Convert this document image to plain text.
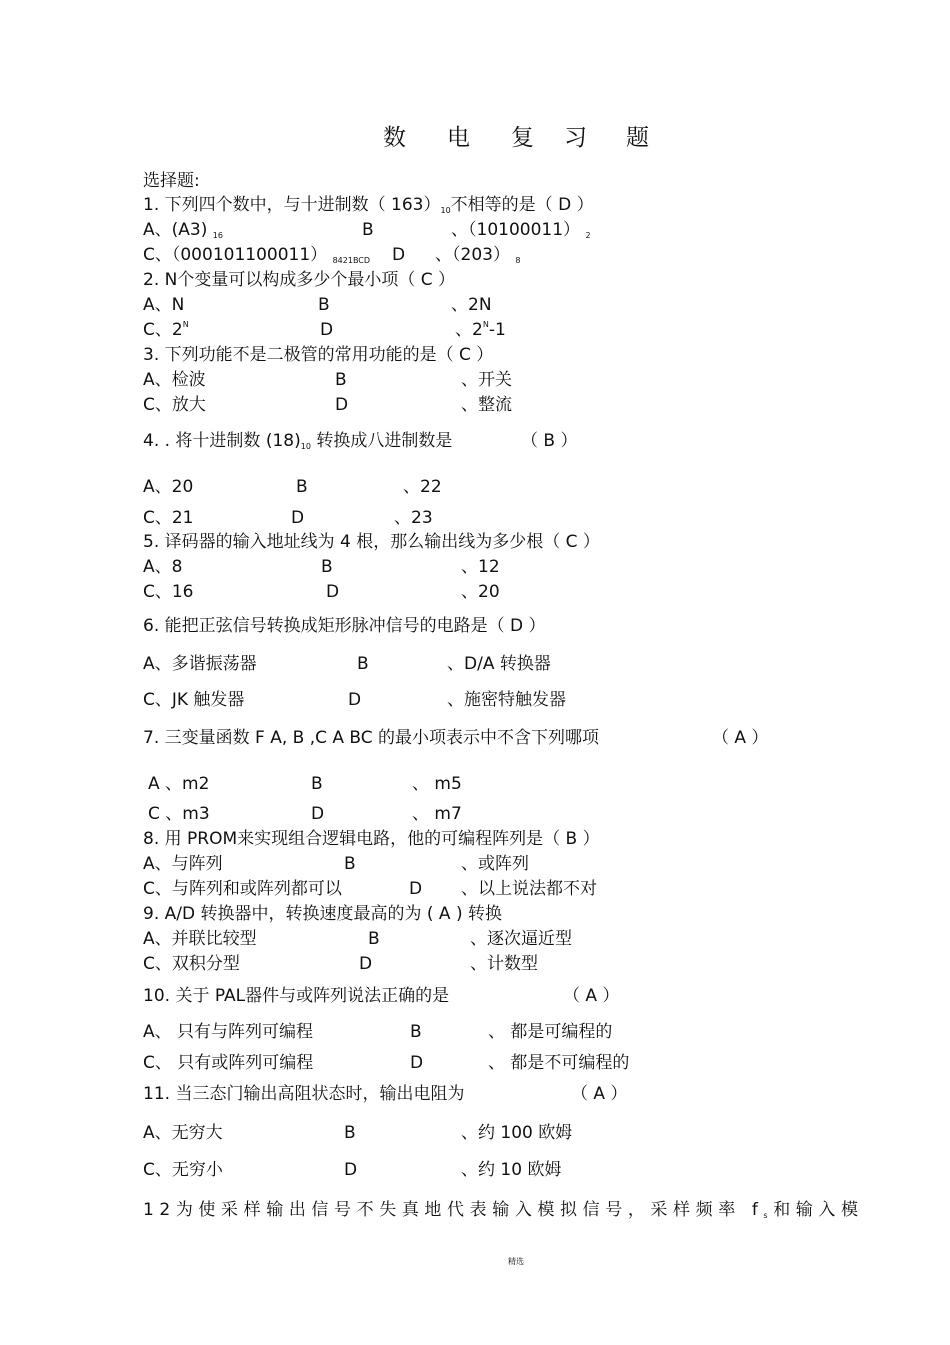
数 电 复 习 题
选择题:
1. 下列四个数中，与十进制数（ $163)_{10}$不相等的是（ D ）
A、(A3) $_{16}$	B	、（10100011） $_2$
C、（000101100011） $_{8421BCD}$ D 、（203） $_8$
2. N个变量可以构成多少个最小项（ C ）
A、N	B	、2N
C、$2^N$	D	、$2^N-1$
3. 下列功能不是二极管的常用功能的是（ C ）
A、检波	B	、开关
C、放大	D	、整流
4. . 将十进制数 $(18)_{10}$ 转换成八进制数是	（ B ）
A、20	B	、22
C、21	D	、23
5. 译码器的输入地址线为 4 根，那么输出线为多少根（ C ）
A、8	B	、12
C、16	D	、20
6. 能把正弦信号转换成矩形脉冲信号的电路是（ D ）
A、多谐振荡器	B	、D/A 转换器
C、JK 触发器	D	、施密特触发器
7. 三变量函数 F A, B ,C A BC 的最小项表示中不含下列哪项	（ A ）
A 、m2	B	、 m5
C 、m3	D	、 m7
8. 用 PROM来实现组合逻辑电路，他的可编程阵列是（ B ）
A、与阵列	B	、或阵列
C、与阵列和或阵列都可以	D 、以上说法都不对
9. A/D 转换器中，转换速度最高的为 ( A ) 转换
A、并联比较型	B	、逐次逼近型
C、双积分型	D	、计数型
10. 关于 PAL器件与或阵列说法正确的是	（ A ）
A、 只有与阵列可编程	B	、 都是可编程的
C、 只有或阵列可编程	D	、 都是不可编程的
11. 当三态门输出高阻状态时，输出电阻为	（ A ）
A、无穷大	B	、约 100 欧姆
C、无穷小	D	、约 10 欧姆
12为使采样输出信号不失真地代表输入模拟信号，采样频率 $f_s$和输入模
精选
